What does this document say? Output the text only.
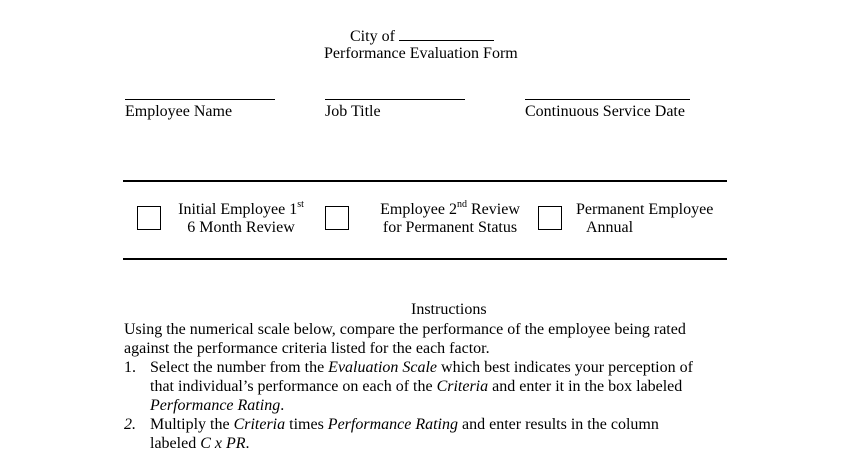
City of
Performance Evaluation Form
Employee Name	Job Title	Continuous Service Date
Initial Employee 1st
6 Month Review
Employee 2nd Review
for Permanent Status
Permanent Employee
Annual
Instructions
Using the numerical scale below, compare the performance of the employee being rated
against the performance criteria listed for the each factor.
1. Select the number from the Evaluation Scale which best indicates your perception of
that individual’s performance on each of the Criteria and enter it in the box labeled
Performance Rating.
2. Multiply the Criteria times Performance Rating and enter results in the column
labeled C x PR.
